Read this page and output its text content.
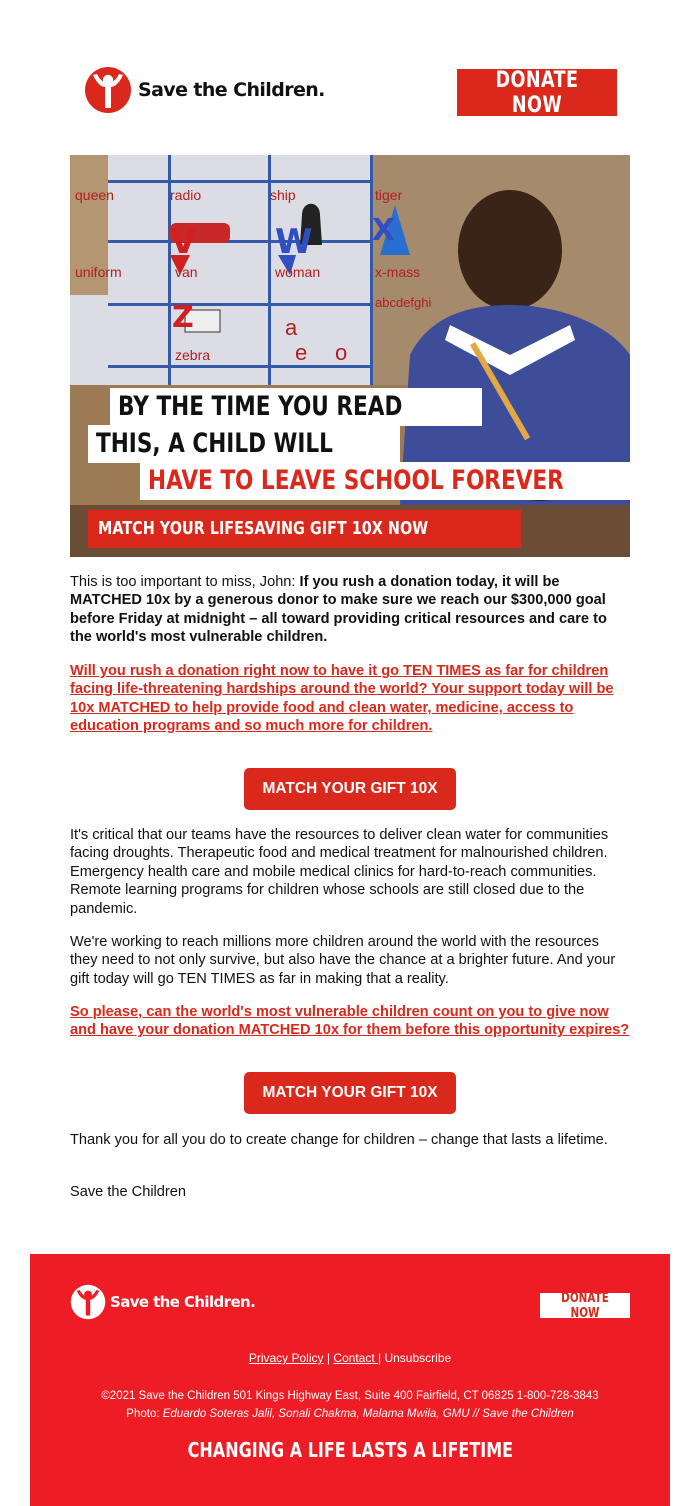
Save the Children.	DONATE NOW
queen	radio	ship	tiger
uniform	van	woman	x-mass
zebra
abcdefghi
a
e o
V W X
Z
BY THE TIME YOU READ
THIS, A CHILD WILL
HAVE TO LEAVE SCHOOL FOREVER
MATCH YOUR LIFESAVING GIFT 10X NOW

This is too important to miss, John: If you rush a donation today, it will be MATCHED 10x by a generous donor to make sure we reach our $300,000 goal before Friday at midnight – all toward providing critical resources and care to the world's most vulnerable children.

Will you rush a donation right now to have it go TEN TIMES as far for children facing life-threatening hardships around the world? Your support today will be 10x MATCHED to help provide food and clean water, medicine, access to education programs and so much more for children.

MATCH YOUR GIFT 10X

It's critical that our teams have the resources to deliver clean water for communities facing droughts. Therapeutic food and medical treatment for malnourished children. Emergency health care and mobile medical clinics for hard-to-reach communities. Remote learning programs for children whose schools are still closed due to the pandemic.

We're working to reach millions more children around the world with the resources they need to not only survive, but also have the chance at a brighter future. And your gift today will go TEN TIMES as far in making that a reality.

So please, can the world's most vulnerable children count on you to give now and have your donation MATCHED 10x for them before this opportunity expires?

MATCH YOUR GIFT 10X

Thank you for all you do to create change for children – change that lasts a lifetime.

Save the Children

Save the Children.	DONATE NOW
Privacy Policy | Contact | Unsubscribe
©2021 Save the Children 501 Kings Highway East, Suite 400 Fairfield, CT 06825 1-800-728-3843
Photo: Eduardo Soteras Jalil, Sonali Chakma, Malama Mwila, GMU // Save the Children
CHANGING A LIFE LASTS A LIFETIME
